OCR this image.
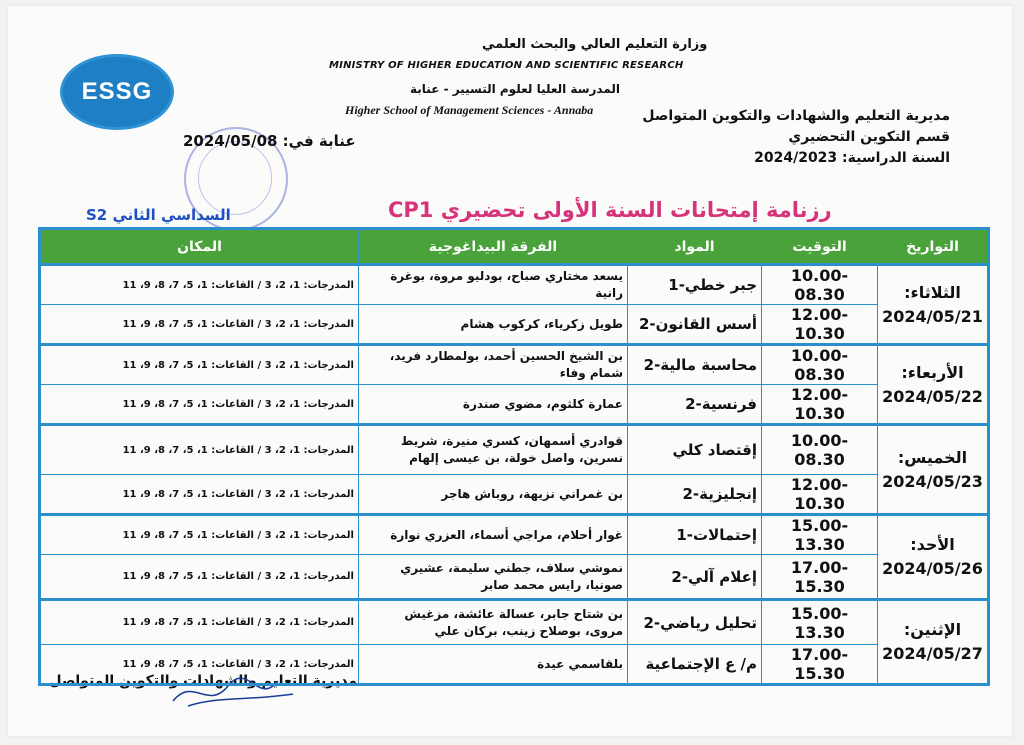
ESSG
وزارة التعليم العالي والبحث العلمي
MINISTRY OF HIGHER EDUCATION AND SCIENTIFIC RESEARCH
المدرسة العليا لعلوم التسيير - عنابة
Higher School of Management Sciences - Annaba	مديرية التعليم والشهادات والتكوين المتواصل
قسم التكوين التحضيري
السنة الدراسية: 2024/2023
عنابة في: 2024/05/08
رزنامة إمتحانات السنة الأولى تحضيري CP1
السداسي الثاني S2
مديرية التعليم والشهادات والتكوين المتواصل
التواريخ	التوقيت	المواد	الفرقة البيداغوجية	المكان

الثلاثاء:
2024/05/21	10.00-08.30	جبر خطي-1	يسعد مختاري صباح، بودليو مروة، بوغرة رانية	المدرجات: 1، 2، 3 / القاعات: 1، 5، 7، 8، 9، 11
	12.00-10.30	أسس القانون-2	طويل زكرياء، كركوب هشام	المدرجات: 1، 2، 3 / القاعات: 1، 5، 7، 8، 9، 11

الأربعاء:
2024/05/22	10.00-08.30	محاسبة مالية-2	بن الشيخ الحسين أحمد، بولمطارد فريد، شمام وفاء	المدرجات: 1، 2، 3 / القاعات: 1، 5، 7، 8، 9، 11
	12.00-10.30	فرنسية-2	عمارة كلثوم، مضوي صندرة	المدرجات: 1، 2، 3 / القاعات: 1، 5، 7، 8، 9، 11

الخميس:
2024/05/23	10.00-08.30	إقتصاد كلي	قوادري أسمهان، كسري منيرة، شريط نسرين، واصل خولة، بن عيسى إلهام	المدرجات: 1، 2، 3 / القاعات: 1، 5، 7، 8، 9، 11
	12.00-10.30	إنجليزية-2	بن غمراني نزيهة، روباش هاجر	المدرجات: 1، 2، 3 / القاعات: 1، 5، 7، 8، 9، 11

الأحد:
2024/05/26	15.00-13.30	إحتمالات-1	غوار أحلام، مراجي أسماء، العزري نوارة	المدرجات: 1، 2، 3 / القاعات: 1، 5، 7، 8، 9، 11
	17.00-15.30	إعلام آلي-2	نموشي سلاف، جطني سليمة، عشيري صونيا، رايس محمد صابر	المدرجات: 1، 2، 3 / القاعات: 1، 5، 7، 8، 9، 11

الإثنين:
2024/05/27	15.00-13.30	تحليل رياضي-2	بن شتاح جابر، عسالة عائشة، مزغيش مروى، بوصلاح زينب، بركان علي	المدرجات: 1، 2، 3 / القاعات: 1، 5، 7، 8، 9، 11
	17.00-15.30	م/ ع الإجتماعية	بلقاسمي عيدة	المدرجات: 1، 2، 3 / القاعات: 1، 5، 7، 8، 9، 11
